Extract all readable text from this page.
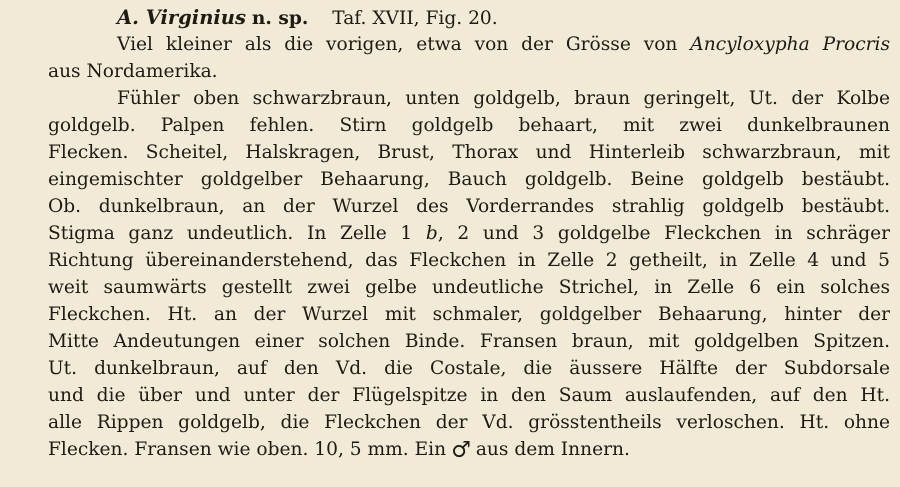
A. Virginius n. sp. Taf. XVII, Fig. 20.
Viel kleiner als die vorigen, etwa von der Grösse von Ancyloxypha Procris
aus Nordamerika.
Fühler oben schwarzbraun, unten goldgelb, braun geringelt, Ut. der Kolbe
goldgelb. Palpen fehlen. Stirn goldgelb behaart, mit zwei dunkelbraunen
Flecken. Scheitel, Halskragen, Brust, Thorax und Hinterleib schwarzbraun, mit
eingemischter goldgelber Behaarung, Bauch goldgelb. Beine goldgelb bestäubt.
Ob. dunkelbraun, an der Wurzel des Vorderrandes strahlig goldgelb bestäubt.
Stigma ganz undeutlich. In Zelle 1 b, 2 und 3 goldgelbe Fleckchen in schräger
Richtung übereinanderstehend, das Fleckchen in Zelle 2 getheilt, in Zelle 4 und 5
weit saumwärts gestellt zwei gelbe undeutliche Strichel, in Zelle 6 ein solches
Fleckchen. Ht. an der Wurzel mit schmaler, goldgelber Behaarung, hinter der
Mitte Andeutungen einer solchen Binde. Fransen braun, mit goldgelben Spitzen.
Ut. dunkelbraun, auf den Vd. die Costale, die äussere Hälfte der Subdorsale
und die über und unter der Flügelspitze in den Saum auslaufenden, auf den Ht.
alle Rippen goldgelb, die Fleckchen der Vd. grösstentheils verloschen. Ht. ohne
Flecken. Fransen wie oben. 10, 5 mm. Ein ♂ aus dem Innern.
